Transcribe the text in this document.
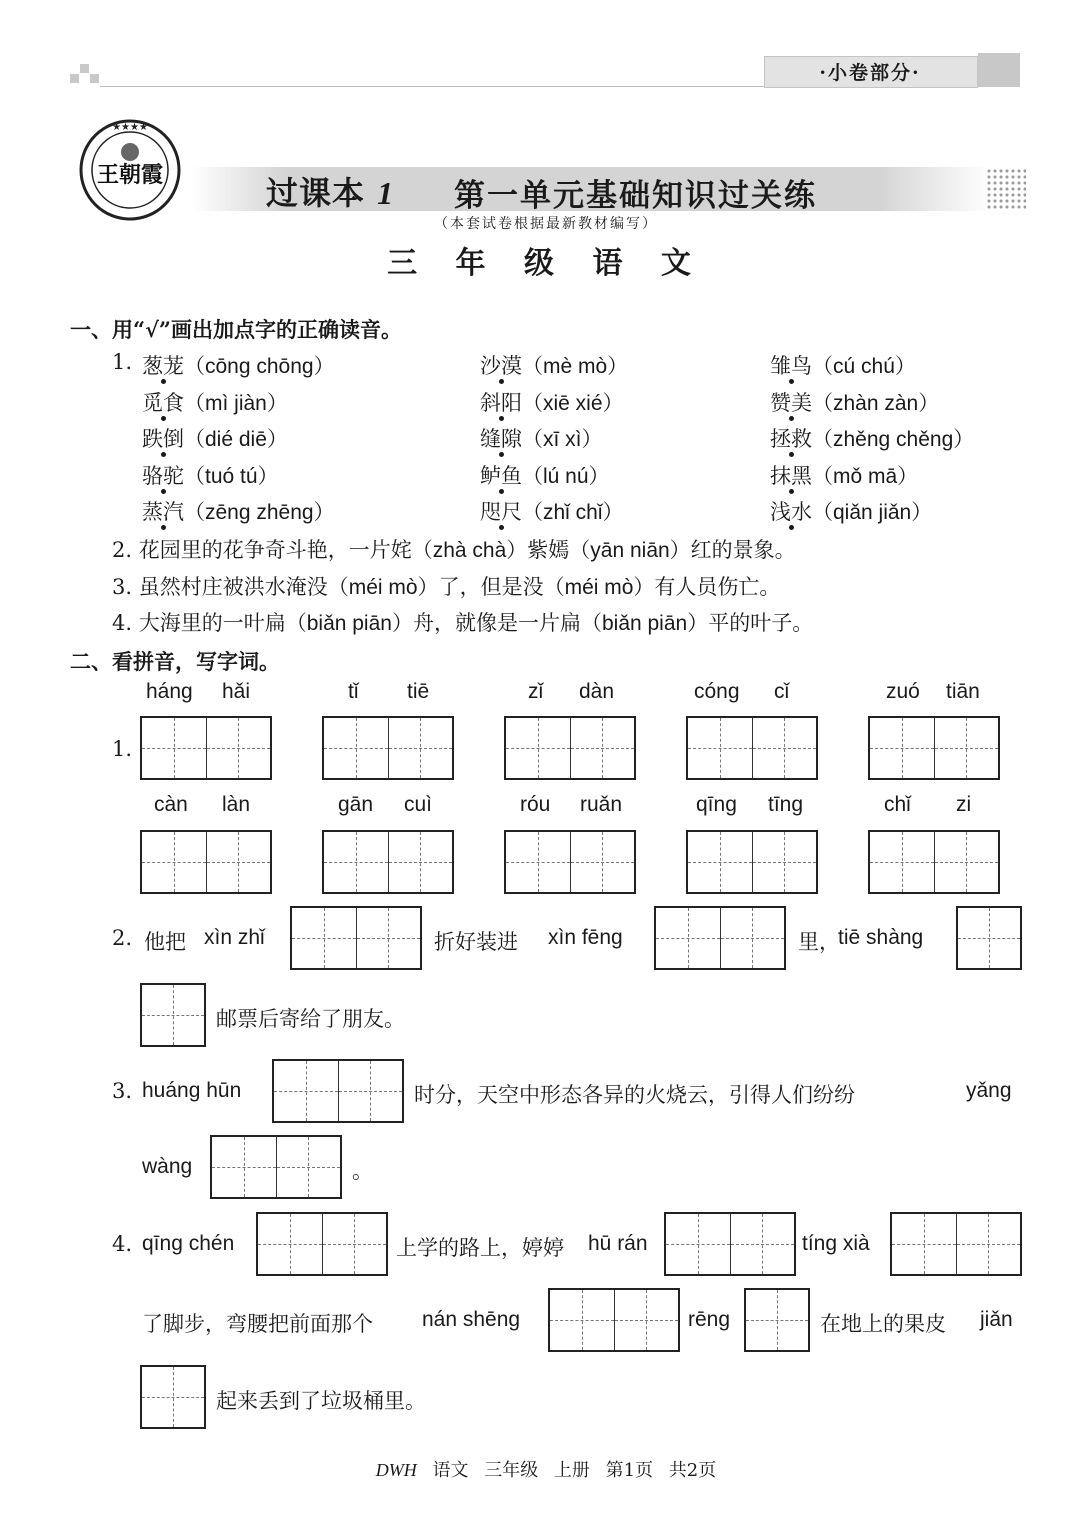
·小卷部分·
★★★★
王朝霞	过课本 1 第一单元基础知识过关练
（本套试卷根据最新教材编写）
三 年 级 语 文
一、用“√”画出加点字的正确读音。
1. 葱茏（cōng chōng）	沙漠（mè mò）	雏鸟（cú chú）
觅食（mì jiàn）	斜阳（xiē xié）	赞美（zhàn zàn）
跌倒（dié diē）	缝隙（xī xì）	拯救（zhěng chěng）
骆驼（tuó tú）	鲈鱼（lú nú）	抹黑（mǒ mā）
蒸汽（zēng zhēng）	咫尺（zhǐ chǐ）	浅水（qiǎn jiǎn）
2. 花园里的花争奇斗艳，一片姹（zhà chà）紫嫣（yān niān）红的景象。
3. 虽然村庄被洪水淹没（méi mò）了，但是没（méi mò）有人员伤亡。
4. 大海里的一叶扁（biǎn piān）舟，就像是一片扁（biǎn piān）平的叶子。
二、看拼音，写字词。
1.
háng hǎi	tǐ tiē	zǐ dàn	cóng cǐ	zuó tiān
càn làn	gān cuì	róu ruǎn	qīng tīng	chǐ zi
2. 他把 xìn zhǐ	折好装进 xìn fēng	里，
tiē shàng
邮票后寄给了朋友。
3. huáng hūn	时分，天空中形态各异的火烧云，引得人们纷纷	yǎng
wàng	。
4. qīng chén	上学的路上，婷婷 hū rán	tíng xià
了脚步，弯腰把前面那个 nán shēng	rēng	在地上的果皮 jiǎn
起来丢到了垃圾桶里。
DWH 语文 三年级 上册 第1页 共2页
